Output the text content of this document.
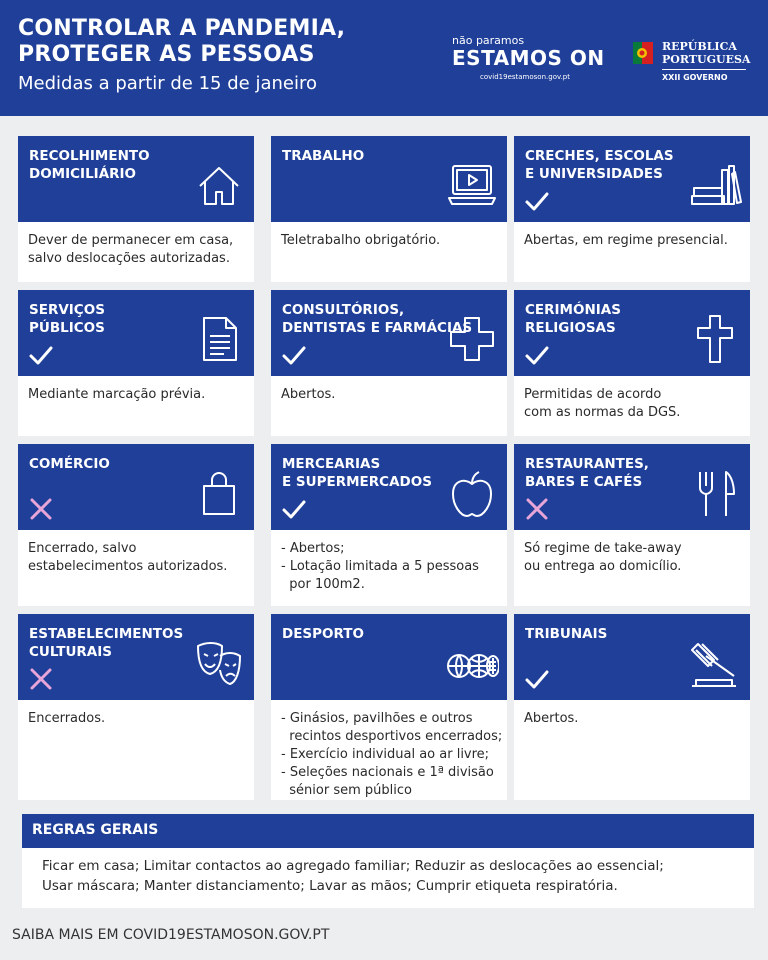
CONTROLAR A PANDEMIA,
PROTEGER AS PESSOAS
Medidas a partir de 15 de janeiro
não paramos
ESTAMOS ON
covid19estamoson.gov.pt
REPÚBLICA
PORTUGUESA
XXII GOVERNO
RECOLHIMENTO
DOMICILIÁRIO
Dever de permanecer em casa,
salvo deslocações autorizadas.
TRABALHO
Teletrabalho obrigatório.
CRECHES, ESCOLAS
E UNIVERSIDADES
Abertas, em regime presencial.
SERVIÇOS
PÚBLICOS
Mediante marcação prévia.
CONSULTÓRIOS,
DENTISTAS E FARMÁCIAS
Abertos.
CERIMÓNIAS
RELIGIOSAS
Permitidas de acordo
com as normas da DGS.
COMÉRCIO
Encerrado, salvo
estabelecimentos autorizados.
MERCEARIAS
E SUPERMERCADOS
- Abertos;
- Lotação limitada a 5 pessoas
por 100m2.
RESTAURANTES,
BARES E CAFÉS
Só regime de take-away
ou entrega ao domicílio.
ESTABELECIMENTOS
CULTURAIS
Encerrados.
DESPORTO
- Ginásios, pavilhões e outros
recintos desportivos encerrados;
- Exercício individual ao ar livre;
- Seleções nacionais e 1ª divisão
sénior sem público
TRIBUNAIS
Abertos.
REGRAS GERAIS
Ficar em casa; Limitar contactos ao agregado familiar; Reduzir as deslocações ao essencial;
Usar máscara; Manter distanciamento; Lavar as mãos; Cumprir etiqueta respiratória.
SAIBA MAIS EM COVID19ESTAMOSON.GOV.PT
